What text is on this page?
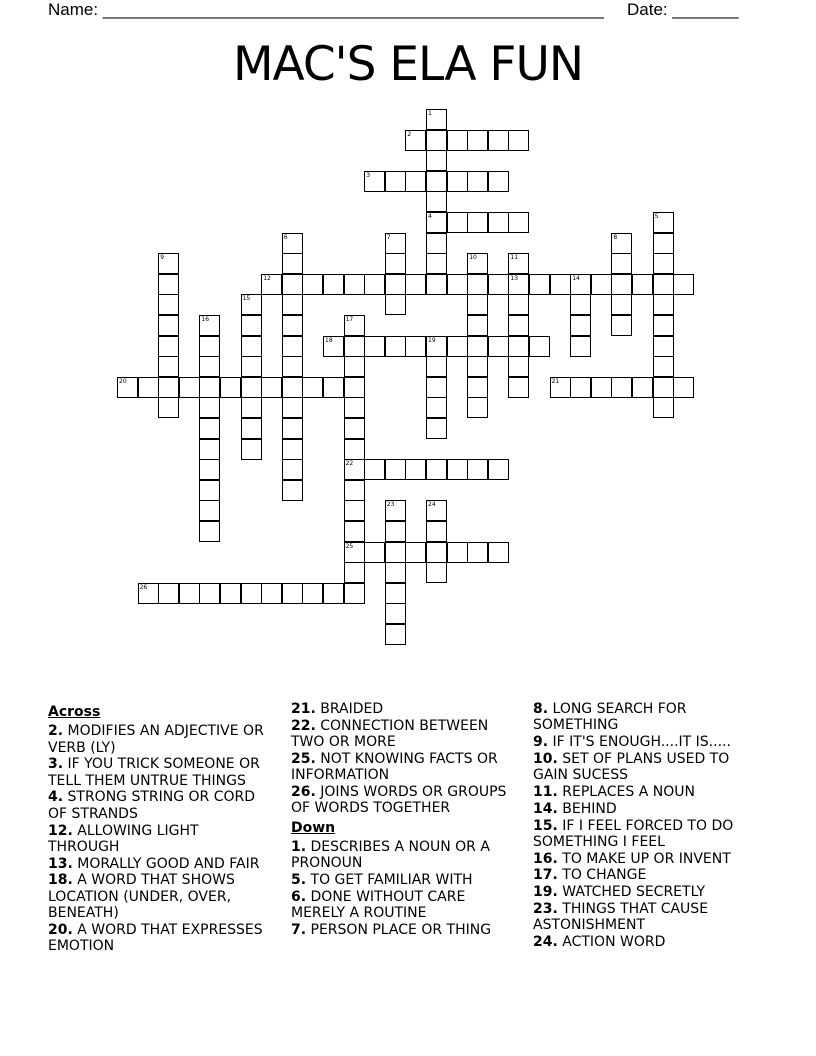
Name: _____________________________________________________ Date: _______
MAC'S ELA FUN
2
3
4
12	13	14
18	19
20	21
22
25
26
1
5
6	7	8
9	10	11
15
16	17
23	24
Across
2. MODIFIES AN ADJECTIVE OR VERB (LY)
3. IF YOU TRICK SOMEONE OR TELL THEM UNTRUE THINGS
4. STRONG STRING OR CORD OF STRANDS
12. ALLOWING LIGHT THROUGH
13. MORALLY GOOD AND FAIR
18. A WORD THAT SHOWS LOCATION (UNDER, OVER, BENEATH)
20. A WORD THAT EXPRESSES EMOTION
21. BRAIDED
22. CONNECTION BETWEEN TWO OR MORE
25. NOT KNOWING FACTS OR INFORMATION
26. JOINS WORDS OR GROUPS OF WORDS TOGETHER
Down
1. DESCRIBES A NOUN OR A PRONOUN
5. TO GET FAMILIAR WITH
6. DONE WITHOUT CARE MERELY A ROUTINE
7. PERSON PLACE OR THING
8. LONG SEARCH FOR SOMETHING
9. IF IT'S ENOUGH....IT IS.....
10. SET OF PLANS USED TO GAIN SUCESS
11. REPLACES A NOUN
14. BEHIND
15. IF I FEEL FORCED TO DO SOMETHING I FEEL
16. TO MAKE UP OR INVENT
17. TO CHANGE
19. WATCHED SECRETLY
23. THINGS THAT CAUSE ASTONISHMENT
24. ACTION WORD
